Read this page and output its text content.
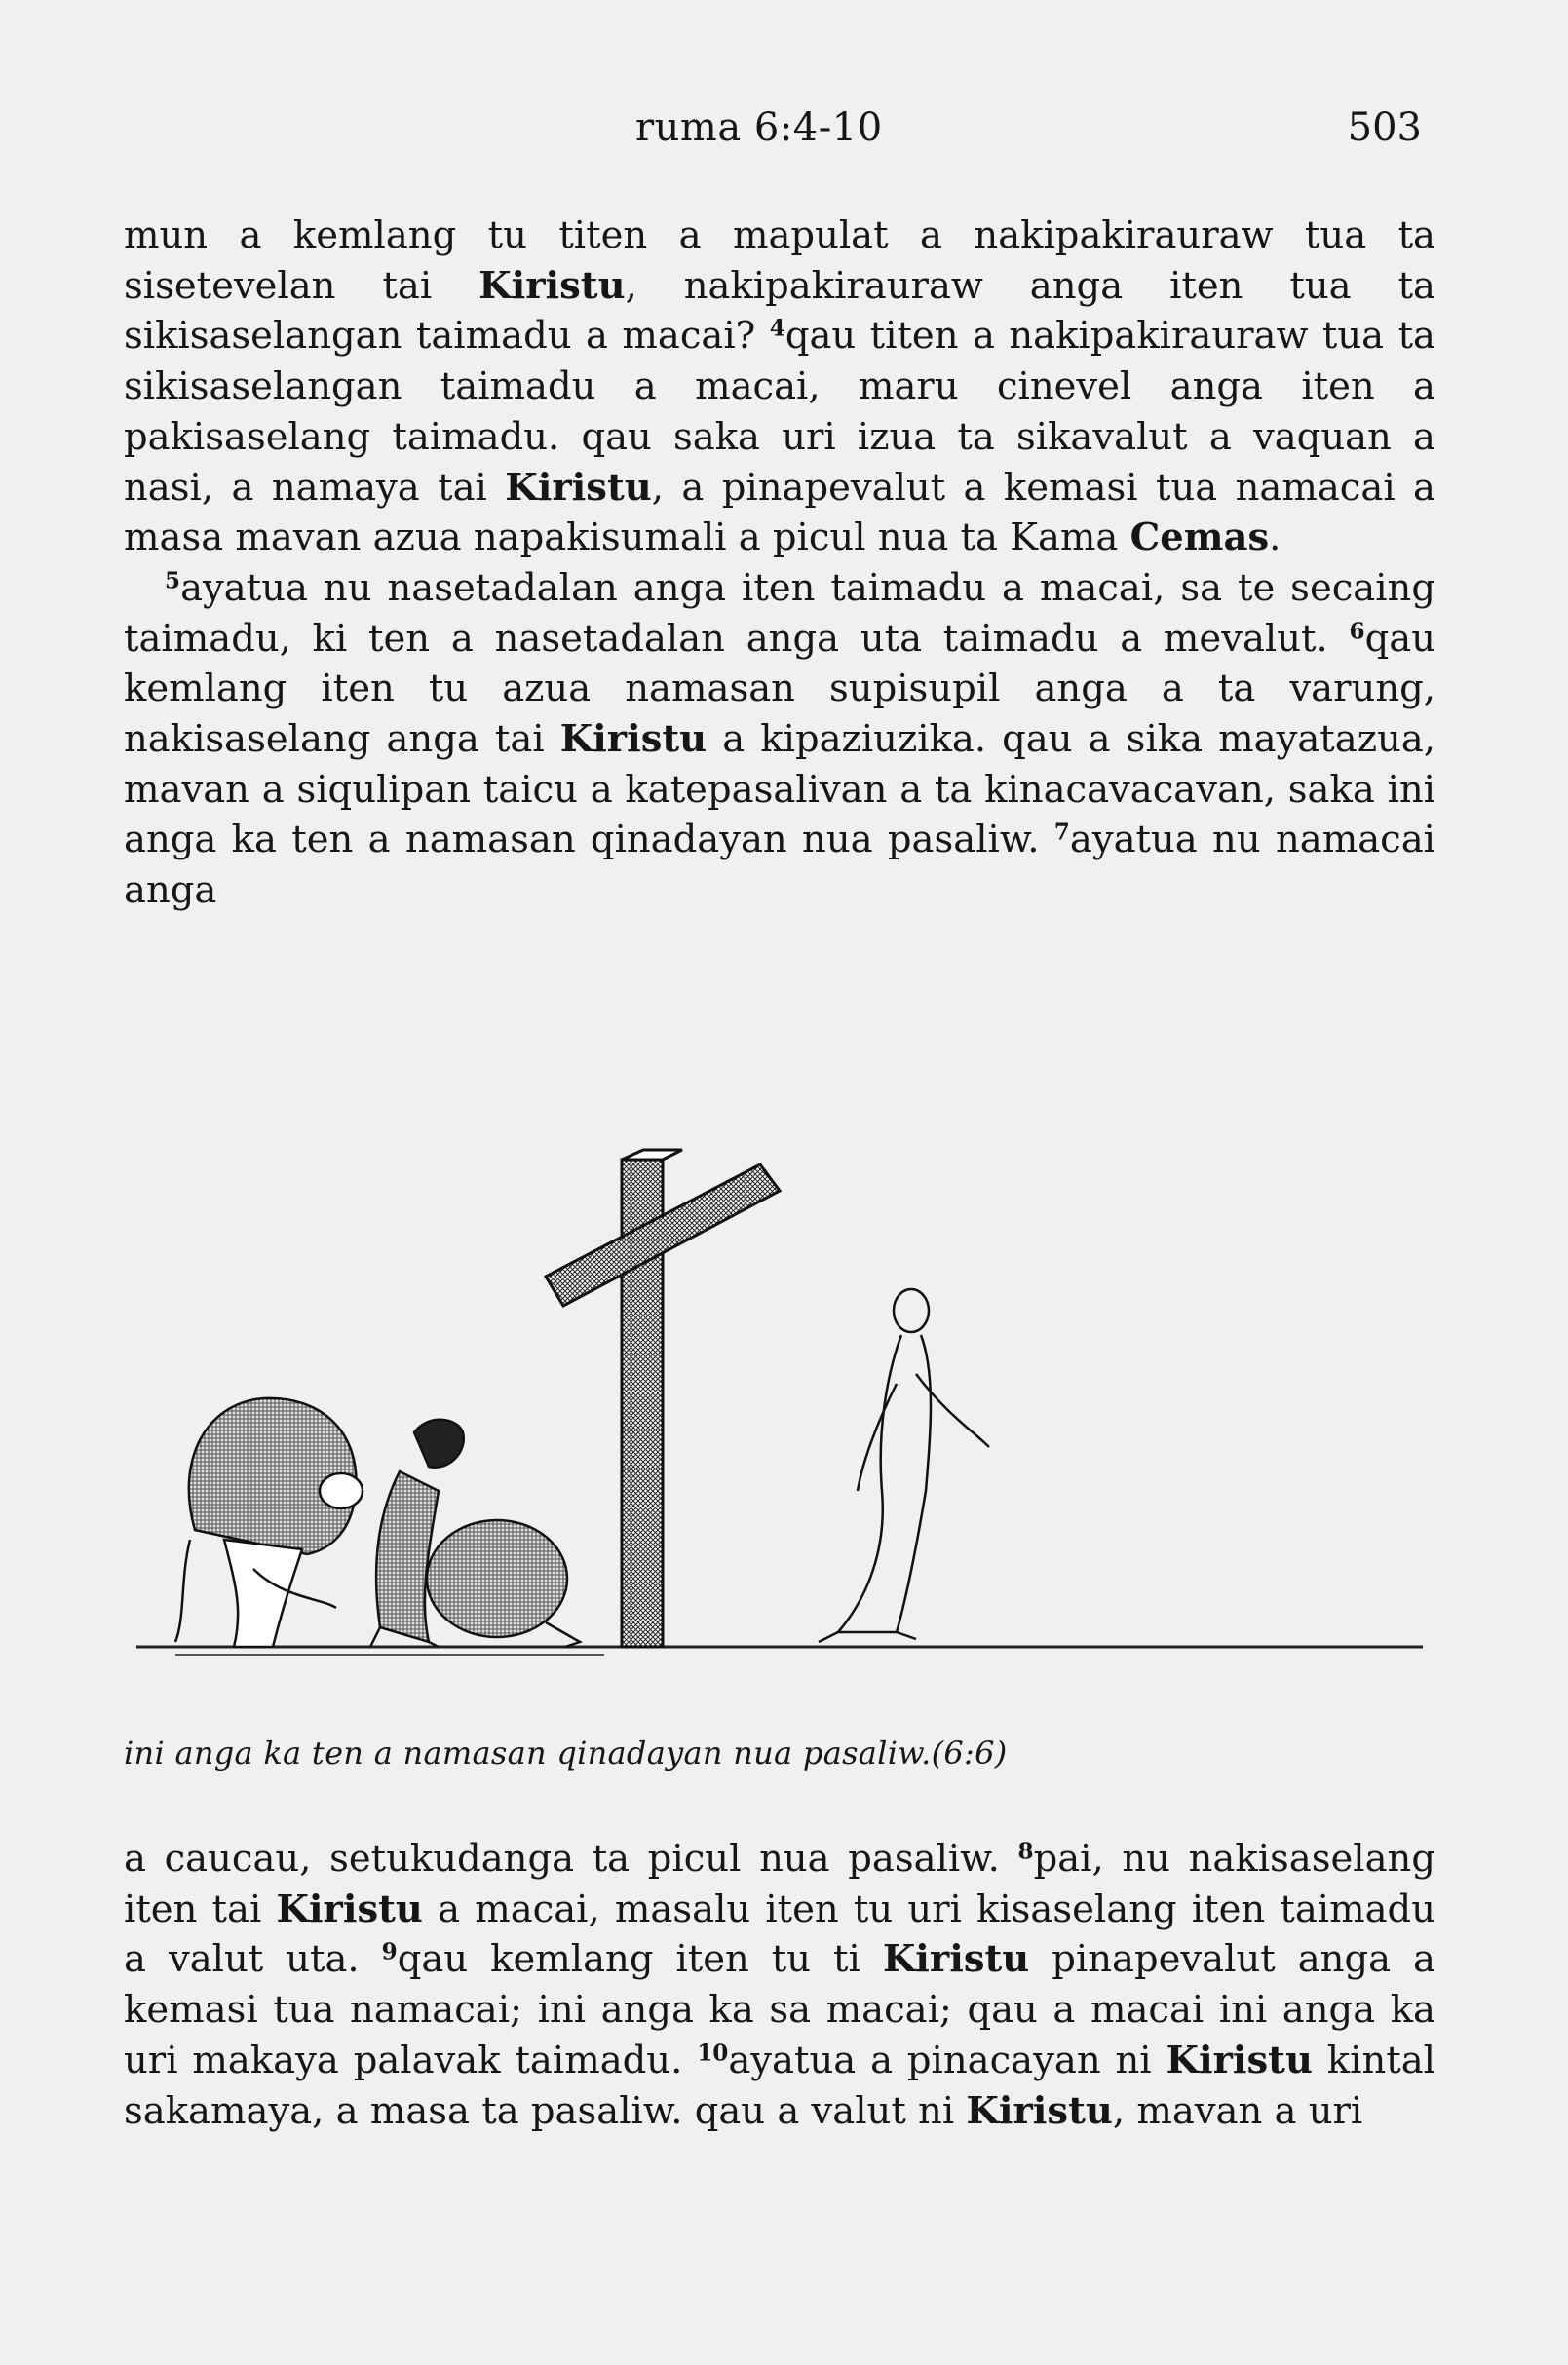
ruma 6:4-10	503

mun a kemlang tu titen a mapulat a nakipakirauraw tua ta sisetevelan tai Kiristu, nakipakirauraw anga iten tua ta sikisaselangan taimadu a macai? $^4$qau titen a nakipakirauraw tua ta sikisaselangan taimadu a macai, maru cinevel anga iten a pakisaselang taimadu. qau saka uri izua ta sikavalut a vaquan a nasi, a namaya tai Kiristu, a pinapevalut a kemasi tua namacai a masa mavan azua napakisumali a picul nua ta Kama Cemas.

$^5$ayatua nu nasetadalan anga iten taimadu a macai, sa te secaing taimadu, ki ten a nasetadalan anga uta taimadu a mevalut. $^6$qau kemlang iten tu azua namasan supisupil anga a ta varung, nakisaselang anga tai Kiristu a kipaziuzika. qau a sika mayatazua, mavan a siqulipan taicu a katepasalivan a ta kinacavacavan, saka ini anga ka ten a namasan qinadayan nua pasaliw. $^7$ayatua nu namacai anga

ini anga ka ten a namasan qinadayan nua pasaliw.(6:6)

a caucau, setukudanga ta picul nua pasaliw. $^8$pai, nu nakisaselang iten tai Kiristu a macai, masalu iten tu uri kisaselang iten taimadu a valut uta. $^9$qau kemlang iten tu ti Kiristu pinapevalut anga a kemasi tua namacai; ini anga ka sa macai; qau a macai ini anga ka uri makaya palavak taimadu. $^{10}$ayatua a pinacayan ni Kiristu kintal sakamaya, a masa ta pasaliw. qau a valut ni Kiristu, mavan a uri
